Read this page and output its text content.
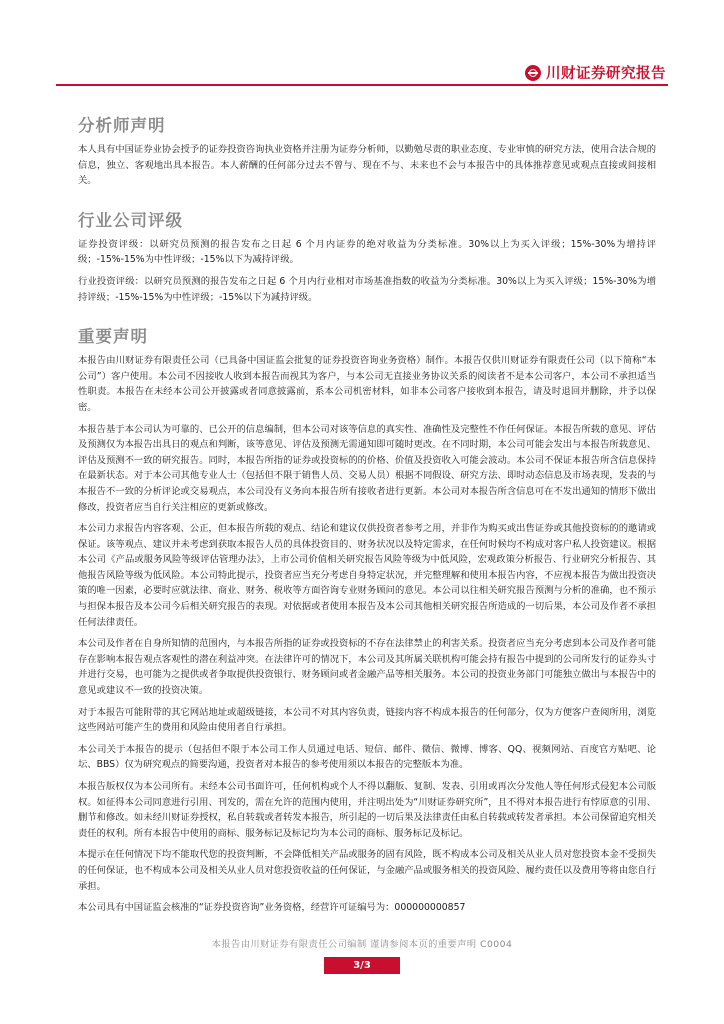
川财证券研究报告
分析师声明

本人具有中国证券业协会授予的证券投资咨询执业资格并注册为证券分析师，以勤勉尽责的职业态度、专业审慎的研究方法，使用合法合规的信息，独立、客观地出具本报告。本人薪酬的任何部分过去不曾与、现在不与、未来也不会与本报告中的具体推荐意见或观点直接或间接相关。

行业公司评级

证券投资评级：以研究员预测的报告发布之日起 6 个月内证券的绝对收益为分类标准。30%以上为买入评级；15%-30%为增持评级；-15%-15%为中性评级；-15%以下为减持评级。

行业投资评级：以研究员预测的报告发布之日起 6 个月内行业相对市场基准指数的收益为分类标准。30%以上为买入评级；15%-30%为增持评级；-15%-15%为中性评级；-15%以下为减持评级。

重要声明

本报告由川财证券有限责任公司（已具备中国证监会批复的证券投资咨询业务资格）制作。本报告仅供川财证券有限责任公司（以下简称“本公司”）客户使用。本公司不因接收人收到本报告而视其为客户，与本公司无直接业务协议关系的阅读者不是本公司客户，本公司不承担适当性职责。本报告在未经本公司公开披露或者同意披露前，系本公司机密材料，如非本公司客户接收到本报告，请及时退回并删除，并予以保密。

本报告基于本公司认为可靠的、已公开的信息编制，但本公司对该等信息的真实性、准确性及完整性不作任何保证。本报告所载的意见、评估及预测仅为本报告出具日的观点和判断，该等意见、评估及预测无需通知即可随时更改。在不同时期，本公司可能会发出与本报告所载意见、评估及预测不一致的研究报告。同时，本报告所指的证券或投资标的的价格、价值及投资收入可能会波动。本公司不保证本报告所含信息保持在最新状态。对于本公司其他专业人士（包括但不限于销售人员、交易人员）根据不同假设、研究方法、即时动态信息及市场表现，发表的与本报告不一致的分析评论或交易观点，本公司没有义务向本报告所有接收者进行更新。本公司对本报告所含信息可在不发出通知的情形下做出修改，投资者应当自行关注相应的更新或修改。

本公司力求报告内容客观、公正，但本报告所载的观点、结论和建议仅供投资者参考之用，并非作为购买或出售证券或其他投资标的的邀请或保证。该等观点、建议并未考虑到获取本报告人员的具体投资目的、财务状况以及特定需求，在任何时候均不构成对客户私人投资建议。根据本公司《产品或服务风险等级评估管理办法》，上市公司价值相关研究报告风险等级为中低风险，宏观政策分析报告、行业研究分析报告、其他报告风险等级为低风险。本公司特此提示，投资者应当充分考虑自身特定状况，并完整理解和使用本报告内容，不应视本报告为做出投资决策的唯一因素，必要时应就法律、商业、财务、税收等方面咨询专业财务顾问的意见。本公司以往相关研究报告预测与分析的准确，也不预示与担保本报告及本公司今后相关研究报告的表现。对依据或者使用本报告及本公司其他相关研究报告所造成的一切后果，本公司及作者不承担任何法律责任。

本公司及作者在自身所知情的范围内，与本报告所指的证券或投资标的不存在法律禁止的利害关系。投资者应当充分考虑到本公司及作者可能存在影响本报告观点客观性的潜在利益冲突。在法律许可的情况下，本公司及其所属关联机构可能会持有报告中提到的公司所发行的证券头寸并进行交易，也可能为之提供或者争取提供投资银行、财务顾问或者金融产品等相关服务。本公司的投资业务部门可能独立做出与本报告中的意见或建议不一致的投资决策。

对于本报告可能附带的其它网站地址或超级链接，本公司不对其内容负责，链接内容不构成本报告的任何部分，仅为方便客户查阅所用，浏览这些网站可能产生的费用和风险由使用者自行承担。

本公司关于本报告的提示（包括但不限于本公司工作人员通过电话、短信、邮件、微信、微博、博客、QQ、视频网站、百度官方贴吧、论坛、BBS）仅为研究观点的简要沟通，投资者对本报告的参考使用须以本报告的完整版本为准。

本报告版权仅为本公司所有。未经本公司书面许可，任何机构或个人不得以翻版、复制、发表、引用或再次分发他人等任何形式侵犯本公司版权。如征得本公司同意进行引用、刊发的，需在允许的范围内使用，并注明出处为“川财证券研究所”，且不得对本报告进行有悖原意的引用、删节和修改。如未经川财证券授权，私自转载或者转发本报告，所引起的一切后果及法律责任由私自转载或转发者承担。本公司保留追究相关责任的权利。所有本报告中使用的商标、服务标记及标记均为本公司的商标、服务标记及标记。

本提示在任何情况下均不能取代您的投资判断，不会降低相关产品或服务的固有风险，既不构成本公司及相关从业人员对您投资本金不受损失的任何保证，也不构成本公司及相关从业人员对您投资收益的任何保证，与金融产品或服务相关的投资风险、履约责任以及费用等将由您自行承担。

本公司具有中国证监会核准的“证券投资咨询”业务资格，经营许可证编号为：000000000857

本报告由川财证券有限责任公司编制 谨请参阅本页的重要声明 C0004
3/3
